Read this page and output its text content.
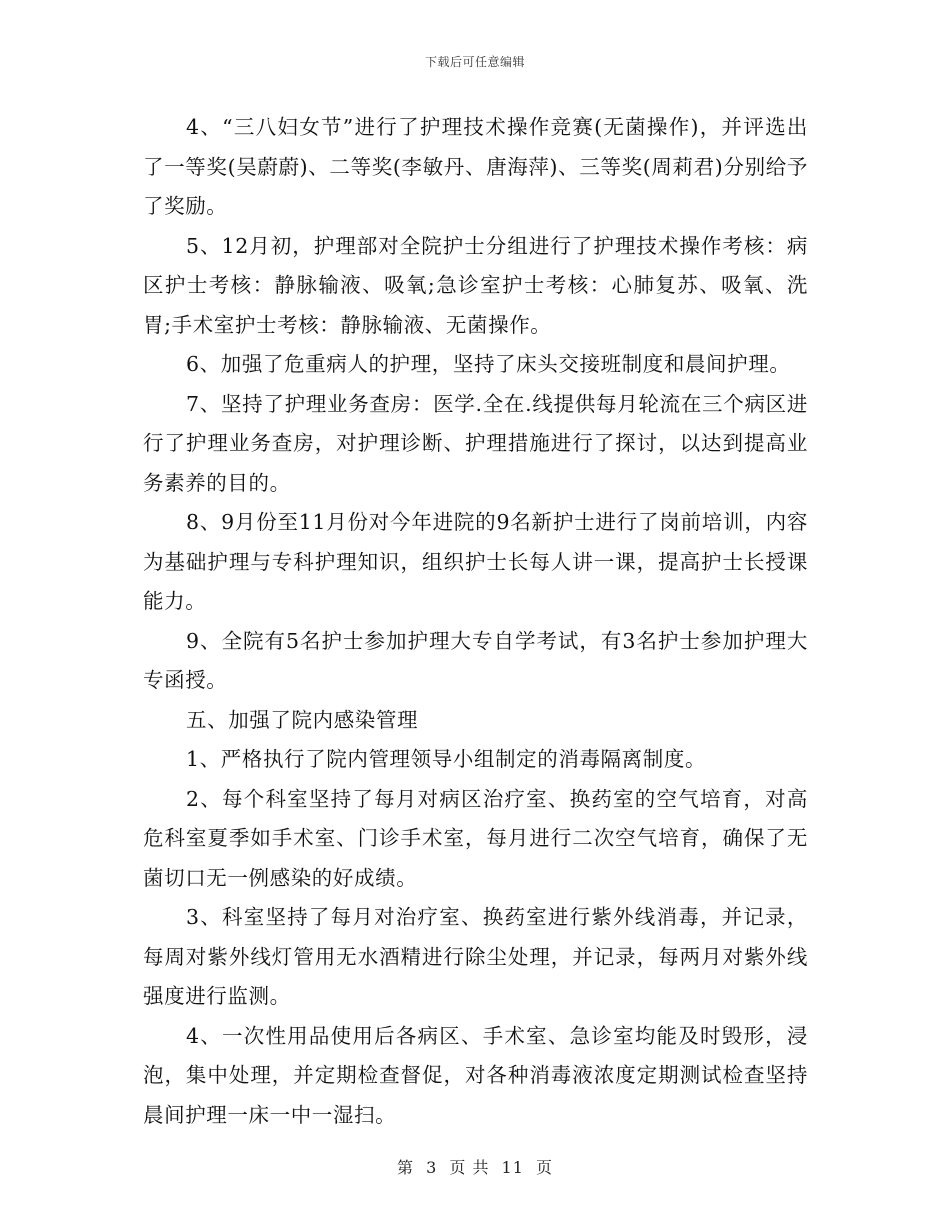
下载后可任意编辑

4、“三八妇女节”进行了护理技术操作竞赛(无菌操作)，并评选出了一等奖(吴蔚蔚)、二等奖(李敏丹、唐海萍)、三等奖(周莉君)分别给予了奖励。

5、12月初，护理部对全院护士分组进行了护理技术操作考核：病区护士考核：静脉输液、吸氧;急诊室护士考核：心肺复苏、吸氧、洗胃;手术室护士考核：静脉输液、无菌操作。

6、加强了危重病人的护理，坚持了床头交接班制度和晨间护理。

7、坚持了护理业务查房：医学.全在.线提供每月轮流在三个病区进行了护理业务查房，对护理诊断、护理措施进行了探讨，以达到提高业务素养的目的。

8、9月份至11月份对今年进院的9名新护士进行了岗前培训，内容为基础护理与专科护理知识，组织护士长每人讲一课，提高护士长授课能力。

9、全院有5名护士参加护理大专自学考试，有3名护士参加护理大专函授。

五、加强了院内感染管理

1、严格执行了院内管理领导小组制定的消毒隔离制度。

2、每个科室坚持了每月对病区治疗室、换药室的空气培育，对高危科室夏季如手术室、门诊手术室，每月进行二次空气培育，确保了无菌切口无一例感染的好成绩。

3、科室坚持了每月对治疗室、换药室进行紫外线消毒，并记录，每周对紫外线灯管用无水酒精进行除尘处理，并记录，每两月对紫外线强度进行监测。

4、一次性用品使用后各病区、手术室、急诊室均能及时毁形，浸泡，集中处理，并定期检查督促，对各种消毒液浓度定期测试检查坚持晨间护理一床一中一湿扫。

第 3 页 共 11 页
